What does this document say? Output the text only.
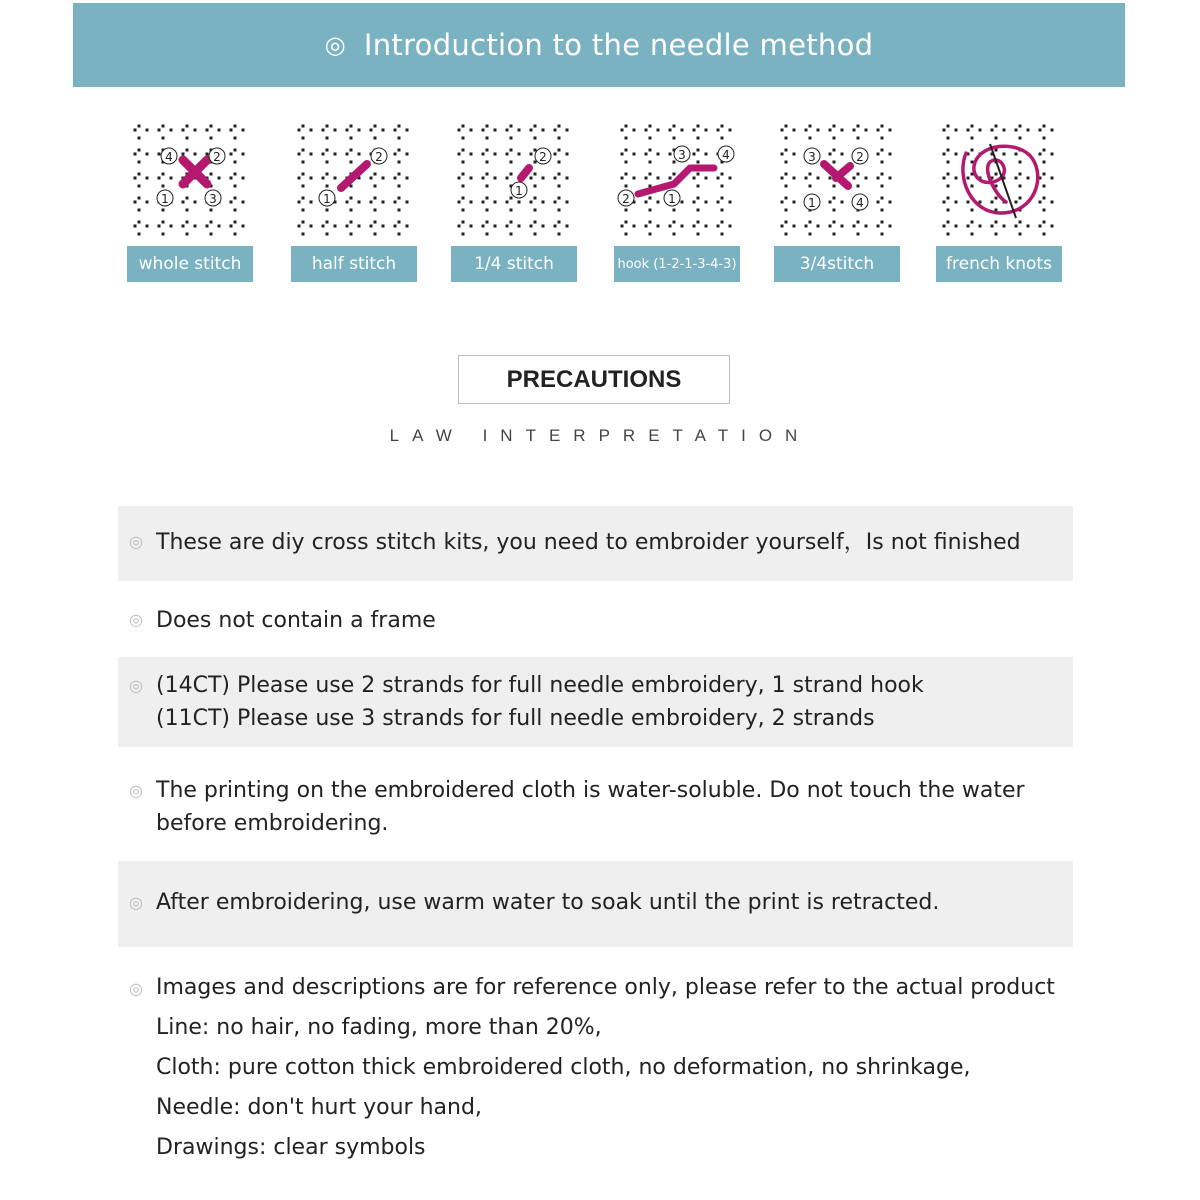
◎ Introduction to the needle method
4	2
1	3
whole stitch
2
1
half stitch
2
1
1/4 stitch
3	4
2	1
hook (1-2-1-3-4-3)
3	2
1	4
3/4stitch	french knots
PRECAUTIONS
LAW INTERPRETATION
◎ These are diy cross stitch kits, you need to embroider yourself，Is not finished
◎ Does not contain a frame
◎ (14CT) Please use 2 strands for full needle embroidery, 1 strand hook
(11CT) Please use 3 strands for full needle embroidery, 2 strands
◎ The printing on the embroidered cloth is water-soluble. Do not touch the water
before embroidering.
◎ After embroidering, use warm water to soak until the print is retracted.
◎ Images and descriptions are for reference only, please refer to the actual product
Line: no hair, no fading, more than 20%,
Cloth: pure cotton thick embroidered cloth, no deformation, no shrinkage,
Needle: don't hurt your hand,
Drawings: clear symbols
